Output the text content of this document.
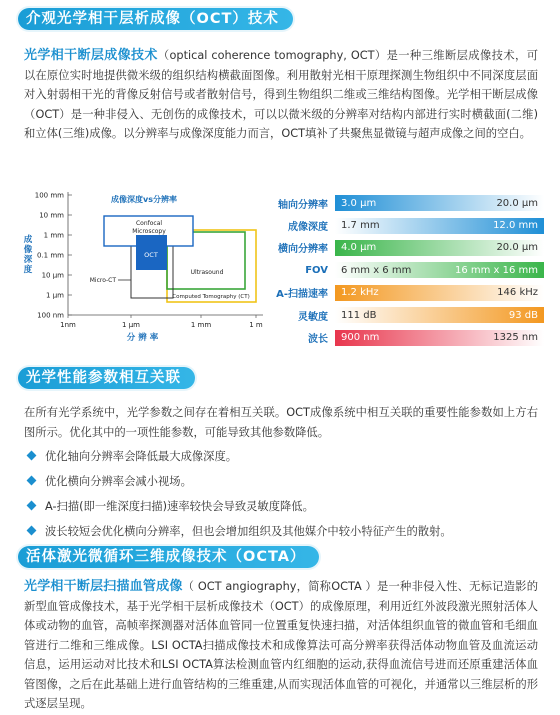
介观光学相干层析成像（OCT）技术
光学相干断层成像技术（optical coherence tomography, OCT）是一种三维断层成像技术，可以在原位实时地提供微米级的组织结构横截面图像。利用散射光相干原理探测生物组织中不同深度层面对入射弱相干光的背像反射信号或者散射信号，得到生物组织二维或三维结构图像。光学相干断层成像（OCT）是一种非侵入、无创伤的成像技术，可以以微米级的分辨率对结构内部进行实时横截面(二维)和立体(三维)成像。以分辨率与成像深度能力而言，OCT填补了共聚焦显微镜与超声成像之间的空白。
成像深度vs分辨率
100 mm
10 mm
1 mm
0.1 mm
10 μm
1 μm
100 nm
1nm	1 μm	1 mm	1 m
成像深度
分辨率
Confocal
Microscopy
OCT
Ultrasound
Computed Tomography (CT)
Micro-CT
轴向分辨率	3.0 μm	20.0 μm
成像深度	1.7 mm	12.0 mm
横向分辨率	4.0 μm	20.0 μm
FOV	6 mm x 6 mm	16 mm x 16 mm
A-扫描速率	1.2 kHz	146 kHz
灵敏度	111 dB	93 dB
波长	900 nm	1325 nm
光学性能参数相互关联
在所有光学系统中，光学参数之间存在着相互关联。OCT成像系统中相互关联的重要性能参数如上方右图所示。优化其中的一项性能参数，可能导致其他参数降低。
优化轴向分辨率会降低最大成像深度。
优化横向分辨率会减小视场。
A-扫描(即一维深度扫描)速率较快会导致灵敏度降低。
波长较短会优化横向分辨率，但也会增加组织及其他媒介中较小特征产生的散射。
活体激光微循环三维成像技术（OCTA）
光学相干断层扫描血管成像（ OCT angiography，简称OCTA ）是一种非侵入性、无标记造影的新型血管成像技术，基于光学相干层析成像技术（OCT）的成像原理，利用近红外波段激光照射活体人体或动物的血管，高帧率探测器对活体血管同一位置重复快速扫描，对活体组织血管的微血管和毛细血管进行二维和三维成像。LSI OCTA扫描成像技术和成像算法可高分辨率获得活体动物血管及血流运动信息，运用运动对比技术和LSI OCTA算法检测血管内红细胞的运动,获得血流信号进而还原重建活体血管图像，之后在此基础上进行血管结构的三维重建,从而实现活体血管的可视化，并通常以三维层析的形式逐层呈现。
